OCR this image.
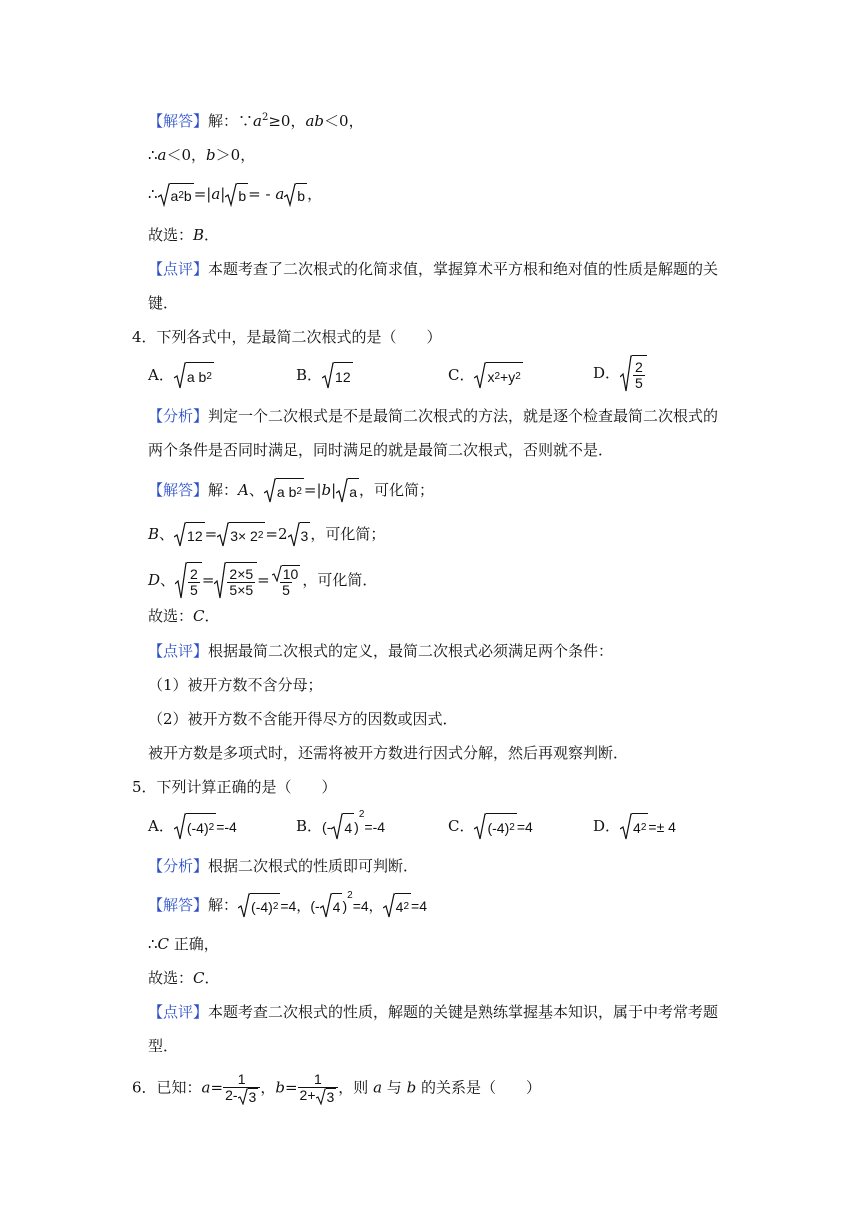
【解答】解：$\because a^2\ge 0$，ab＜0，
∴a＜0，b＞0，
∴ a 2 b =|a| b = - a b ，
故选：B．
【点评】本题考查了二次根式的化简求值，掌握算术平方根和绝对值的性质是解题的关
键．
4．下列各式中，是最简二次根式的是（　　）
A． a b 2	B． 12	C． x 2 +y 2	D． $\frac{2}{5}$
【分析】判定一个二次根式是不是最简二次根式的方法，就是逐个检查最简二次根式的
两个条件是否同时满足，同时满足的就是最简二次根式，否则就不是．
【解答】解：A、 a b 2 =|b| a ，可化简；
B、 12 = 3× 2 2 =2 3 ，可化简；
D、 $\frac{2}{5} = \frac{2\times 5}{5\times 5} = \frac{10}{5}$ ，可化简．
故选：C．
【点评】根据最简二次根式的定义，最简二次根式必须满足两个条件：
（1）被开方数不含分母；
（2）被开方数不含能开得尽方的因数或因式．
被开方数是多项式时，还需将被开方数进行因式分解，然后再观察判断．
5．下列计算正确的是（　　）
A． (-4) 2 =-4	B．(- 4 )
2
=-4	C． (-4) 2 =4	D． 4 2 =± 4
【分析】根据二次根式的性质即可判断．
【解答】解： (-4) 2 =4，(- 4 )
2
=4， 4 2 =4
∴C 正确，
故选：C．
【点评】本题考查二次根式的性质，解题的关键是熟练掌握基本知识，属于中考常考题
型．
6．已知：$a= \frac{1}{2- 3}$ ，$b= \frac{1}{2+ 3}$ ，则 a 与 b 的关系是（　　）
